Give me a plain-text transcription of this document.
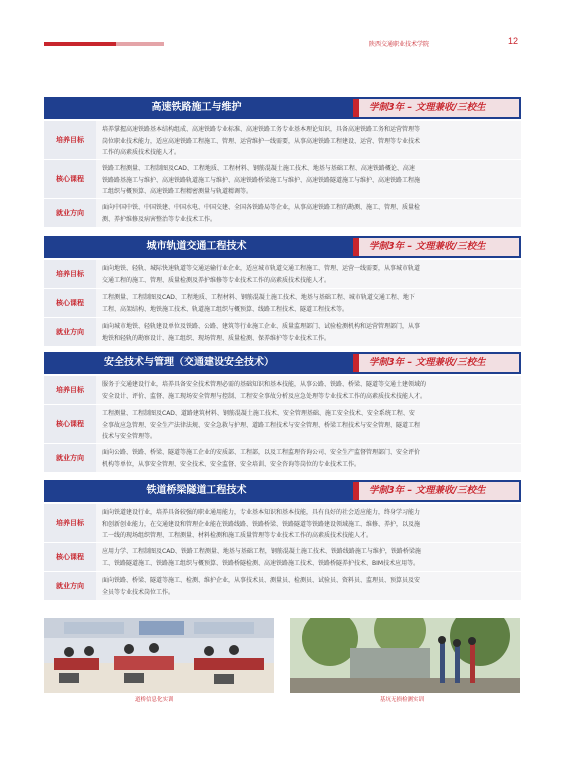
陕西交通职业技术学院	12
高速铁路施工与维护	学制3年 – 文理兼收/三校生
培养目标
培养掌握高速铁路基本结构组成、高速铁路专业标准、高速铁路工务专业基本理论知识，具备高速铁路工务和运营管理等
岗位职业技术能力，适应高速铁路工程施工、管理、运营维护一线需要，从事高速铁路工程建设、运营、管理等专业技术
工作的高素质技术技能人才。
核心课程
铁路工程测量、工程制图及CAD、工程地质、工程材料、钢筋混凝土施工技术、地基与基础工程、高速铁路概论、高速
铁路路基施工与维护、高速铁路轨道施工与维护、高速铁路桥梁施工与维护、高速铁路隧道施工与维护、高速铁路工程施
工组织与概预算、高速铁路工程精密测量与轨道精调等。
就业方向
面向中国中铁、中国铁建、中国水电、中国交建、全国各铁路局等企业，从事高速铁路工程的勘测、施工、管理、质量检
测、养护维修及病害整治等专业技术工作。
城市轨道交通工程技术	学制3年 – 文理兼收/三校生
培养目标
面向地铁、轻轨、城际快速轨道等交通运输行业企业，适应城市轨道交通工程施工、管理、运营一线需要，从事城市轨道
交通工程的施工、管理、质量检测及养护维修等专业技术工作的高素质技术技能人才。
核心课程
工程测量、工程制图及CAD、工程地质、工程材料、钢筋混凝土施工技术、地基与基础工程、城市轨道交通工程、地下
工程、高架结构、地铁施工技术、轨道施工组织与概预算、线路工程技术、隧道工程技术等。
就业方向
面向城市地铁、轻轨建设单位及铁路、公路、建筑等行业施工企业、质量监理部门、试验检测机构和运营管理部门，从事
地铁和轻轨的勘察设计、施工组织、现场管理、质量检测、保养维护等专业技术工作。
安全技术与管理（交通建设安全技术）	学制3年 – 文理兼收/三校生
培养目标
服务于交通建设行业，培养具备安全技术管理必需的基础知识和基本技能，从事公路、铁路、桥梁、隧道等交通土建领域的
安全设计、评价、监督、施工现场安全管理与控制、工程安全事故分析及应急处理等专业技术工作的高素质技术技能人才。
核心课程
工程测量、工程制图及CAD、道路建筑材料、钢筋混凝土施工技术、安全管理基础、施工安全技术、安全系统工程、安
全事故应急管理、安全生产法律法规、安全急救与护理、道路工程技术与安全管理、桥梁工程技术与安全管理、隧道工程
技术与安全管理等。
就业方向
面向公路、铁路、桥梁、隧道等施工企业的安质部、工程部，以及工程监理咨询公司、安全生产监督管理部门、安全评价
机构等单位，从事安全管理、安全技术、安全监督、安全培训、安全咨询等岗位的专业技术工作。
铁道桥梁隧道工程技术	学制3年 – 文理兼收/三校生
培养目标
面向铁道建设行业，培养具备较强的职业通用能力，专业基本知识和基本技能，具有良好的社会适应能力，终身学习能力
和创新创业能力，在交通建设和管理企业能在铁路线路、铁路桥梁、铁路隧道等铁路建设领域施工、维修、养护，以及施
工一线的现场组织管理、工程测量、材料检测和施工质量管理等专业技术工作的高素质技术技能人才。
核心课程
应用力学、工程制图及CAD、铁路工程测量、地基与基础工程，钢筋混凝土施工技术、铁路线路施工与维护，铁路桥梁施
工、铁路隧道施工、铁路施工组织与概预算、铁路桥隧检测、高速铁路施工技术、铁路桥隧养护技术、BIM技术应用等。
就业方向
面向铁路、桥梁、隧道等施工、检测、维护企业，从事技术员、测量员、检测员、试验员、资料员、监理员、预算员及安
全员等专业技术岗位工作。
道桥信息化实训	基坑无损检测实训
